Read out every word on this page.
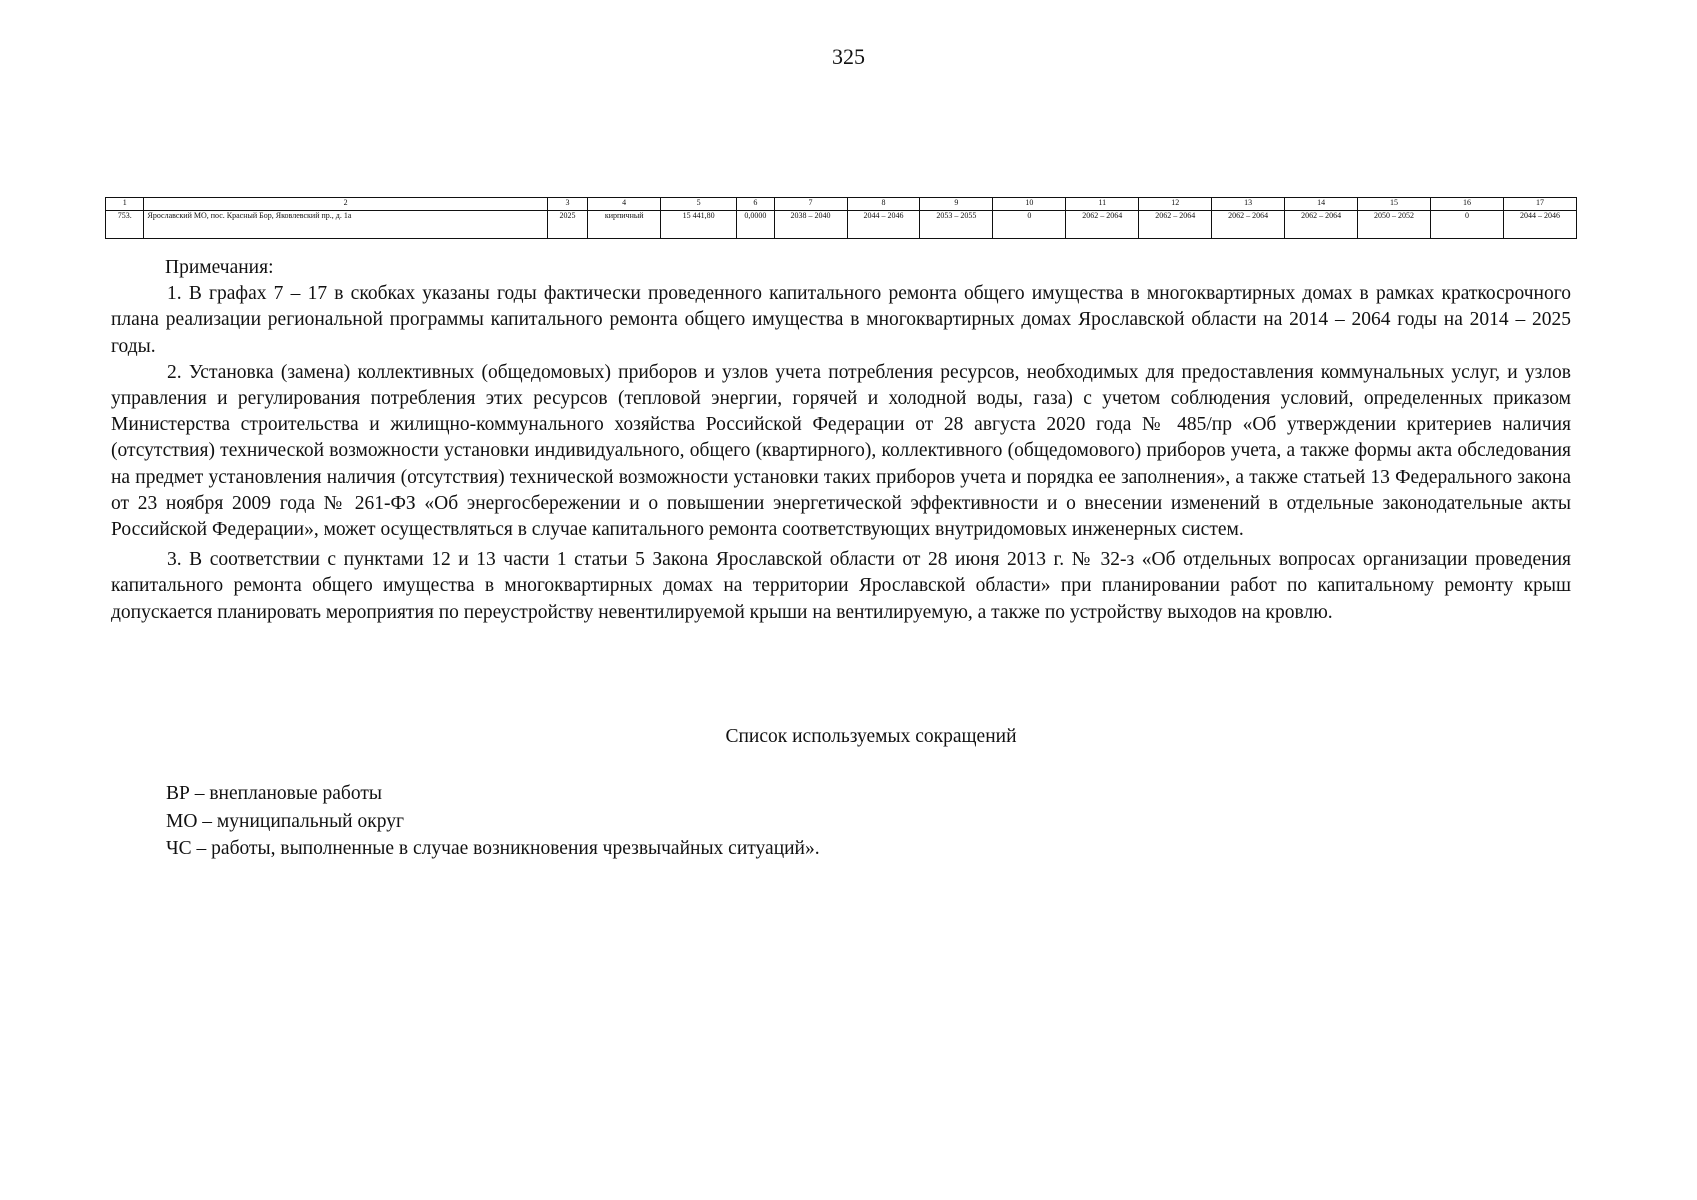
325
1	2	3	4	5	6	7	8	9	10	11	12	13	14	15	16	17
753.	Ярославский МО, пос. Красный Бор, Яковлевский пр., д. 1а	2025	кирпичный	15 441,80	0,0000	2038 – 2040	2044 – 2046	2053 – 2055	0	2062 – 2064	2062 – 2064	2062 – 2064	2062 – 2064	2050 – 2052	0	2044 – 2046

Примечания:

1. В графах 7 – 17 в скобках указаны годы фактически проведенного капитального ремонта общего имущества в многоквартирных домах в рамках краткосрочного плана реализации региональной программы капитального ремонта общего имущества в многоквартирных домах Ярославской области на 2014 – 2064 годы на 2014 – 2025 годы.

2. Установка (замена) коллективных (общедомовых) приборов и узлов учета потребления ресурсов, необходимых для предоставления коммунальных услуг, и узлов управления и регулирования потребления этих ресурсов (тепловой энергии, горячей и холодной воды, газа) с учетом соблюдения условий, определенных приказом Министерства строительства и жилищно-коммунального хозяйства Российской Федерации от 28 августа 2020 года № 485/пр «Об утверждении критериев наличия (отсутствия) технической возможности установки индивидуального, общего (квартирного), коллективного (общедомового) приборов учета, а также формы акта обследования на предмет установления наличия (отсутствия) технической возможности установки таких приборов учета и порядка ее заполнения», а также статьей 13 Федерального закона от 23 ноября 2009 года № 261-ФЗ «Об энергосбережении и о повышении энергетической эффективности и о внесении изменений в отдельные законодательные акты Российской Федерации», может осуществляться в случае капитального ремонта соответствующих внутридомовых инженерных систем.

3. В соответствии с пунктами 12 и 13 части 1 статьи 5 Закона Ярославской области от 28 июня 2013 г. № 32-з «Об отдельных вопросах организации проведения капитального ремонта общего имущества в многоквартирных домах на территории Ярославской области» при планировании работ по капитальному ремонту крыш допускается планировать мероприятия по переустройству невентилируемой крыши на вентилируемую, а также по устройству выходов на кровлю.

Список используемых сокращений
ВР – внеплановые работы
МО – муниципальный округ
ЧС – работы, выполненные в случае возникновения чрезвычайных ситуаций».
